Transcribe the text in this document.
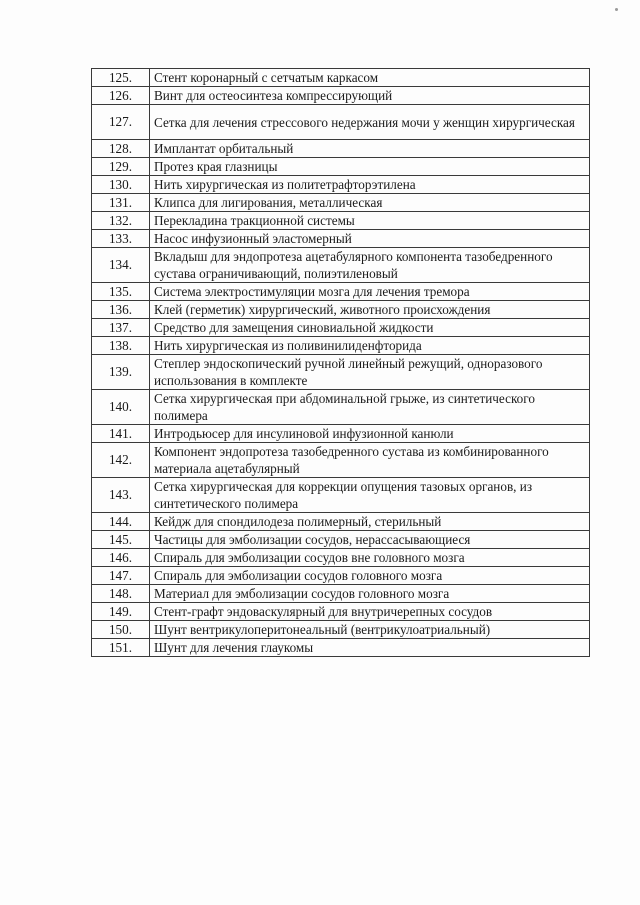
125.	Стент коронарный с сетчатым каркасом
126.	Винт для остеосинтеза компрессирующий
127.	Сетка для лечения стрессового недержания мочи у женщин хирургическая
128.	Имплантат орбитальный
129.	Протез края глазницы
130.	Нить хирургическая из политетрафторэтилена
131.	Клипса для лигирования, металлическая
132.	Перекладина тракционной системы
133.	Насос инфузионный эластомерный
134.	Вкладыш для эндопротеза ацетабулярного компонента тазобедренного сустава ограничивающий, полиэтиленовый
135.	Система электростимуляции мозга для лечения тремора
136.	Клей (герметик) хирургический, животного происхождения
137.	Средство для замещения синовиальной жидкости
138.	Нить хирургическая из поливинилиденфторида
139.	Степлер эндоскопический ручной линейный режущий, одноразового использования в комплекте
140.	Сетка хирургическая при абдоминальной грыже, из синтетического полимера
141.	Интродьюсер для инсулиновой инфузионной канюли
142.	Компонент эндопротеза тазобедренного сустава из комбинированного материала ацетабулярный
143.	Сетка хирургическая для коррекции опущения тазовых органов, из синтетического полимера
144.	Кейдж для спондилодеза полимерный, стерильный
145.	Частицы для эмболизации сосудов, нерассасывающиеся
146.	Спираль для эмболизации сосудов вне головного мозга
147.	Спираль для эмболизации сосудов головного мозга
148.	Материал для эмболизации сосудов головного мозга
149.	Стент-графт эндоваскулярный для внутричерепных сосудов
150.	Шунт вентрикулоперитонеальный (вентрикулоатриальный)
151.	Шунт для лечения глаукомы
